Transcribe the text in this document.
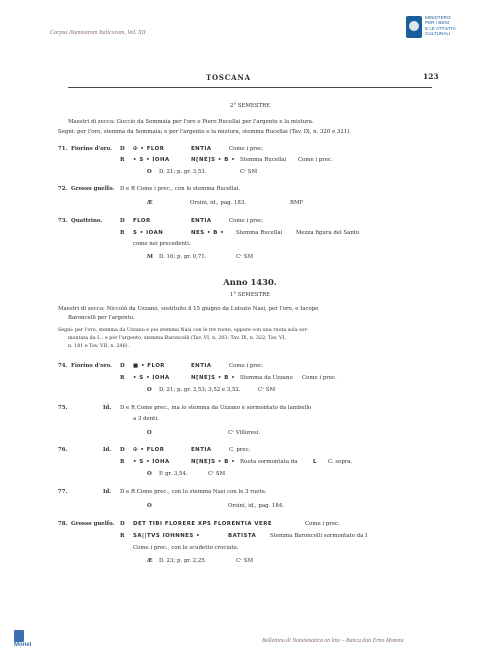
Corpus Nummorum Italicorum, Vol. XII
MINISTERO
PER I BENI
E LE ATTIVITÀ
CULTURALI
TOSCANA	123
2° SEMESTRE
Maestri di zecca: Guccio da Sommaia per l'oro e Piero Rucellai per l'argento e la mistura.
Segni: per l'oro, stemma da Sommaia; e per l'argento e la mistura, stemma Rucellai (Tav. IX, n. 320 e 321).
71. Fiorino d'oro. D ✠ • FLOR	ENTIA	Come i prec.
R • S • IOHA	N[NE]S • B • Stemma Rucellai Come i prec.
O D. 21; p. gr. 3,53.	Cᵒ SM
72. Grosso guelfo. D e R Come i prec., con lo stemma Rucellai.
Æ	Orsini, id., pag. 183.	BMF
73. Quattrino.	D FLOR	ENTIA	Come i prec.
R S • IOAN	NES • B • Stemma Rucellai	Mezza figura del Santo
come nei precedenti.
M D. 16; p. gr. 0,71.	Cᵒ SM
Anno 1430.
1° SEMESTRE
Maestri di zecca: Niccolò da Uzzano, sostituito il 15 giugno da Lutozio Nasi, per l'oro, e Iacopo
Baroncelli per l'argento.
Segni: per l'oro, stemma da Uzzano e poi stemma Nasi con le tre ruote, oppure con una ruota sola sor-
montata da L ; e per l'argento, stemma Baroncelli (Tav. VI, n. 203; Tav. IX, n. 322; Tav. VI,
n. 181 e Tav. VII, n. 246).
74. Fiorino d'oro. D ■ • FLOR	ENTIA	Come i prec.
R • S • IOHA	N[NE]S • B • Stemma da Uzzano Come i prec.
O D. 21; p. gr. 3,53; 3,52 e 3,52.	Cᵒ SM
75.	Id. D e R Come prec., ma lo stemma da Uzzano è sormontato da lambello
a 3 denti.
O	Cᵒ Villoresi.
76.	Id. D ✠ • FLOR	ENTIA	C. prec.
R • S • IOHA	N[NE]S • B • Ruota sormontata da	L C. sopra.
O P. gr. 3,54.	Cᵒ SM
77.	Id. D e R Come prec., con lo stemma Nasi con le 3 ruote.
O	Orsini, id., pag. 184.
78. Grosso guelfo. D DET TIBI FLORERE XPS FLORENTIA VERE	Come i prec.
R SA||TVS IOHNNES •	BATISTA	Stemma Baroncelli sormontato da I
Come i prec., con lo scudetto crociato.
Æ D. 23; p. gr. 2,25.	Cᵒ SM
Monei
Bollettino di Numismatica on line – Banca dati Erno Moneta
